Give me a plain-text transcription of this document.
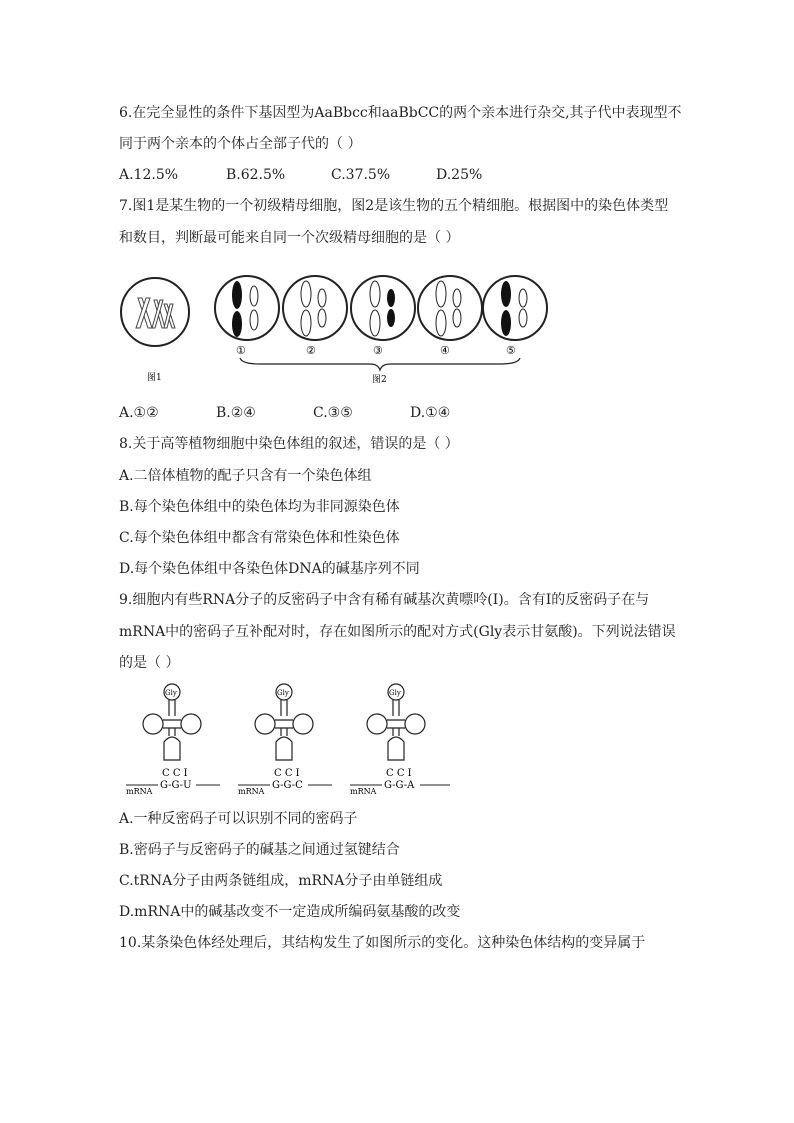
6.在完全显性的条件下基因型为AaBbcc和aaBbCC的两个亲本进行杂交,其子代中表现型不
同于两个亲本的个体占全部子代的（ ）
A.12.5%	B.62.5%	C.37.5%	D.25%
7.图1是某生物的一个初级精母细胞，图2是该生物的五个精细胞。根据图中的染色体类型
和数目，判断最可能来自同一个次级精母细胞的是（ ）
图1
①	②	③	④	⑤
图2
A.①②	B.②④	C.③⑤	D.①④
8.关于高等植物细胞中染色体组的叙述，错误的是（ ）
A.二倍体植物的配子只含有一个染色体组
B.每个染色体组中的染色体均为非同源染色体
C.每个染色体组中都含有常染色体和性染色体
D.每个染色体组中各染色体DNA的碱基序列不同
9.细胞内有些RNA分子的反密码子中含有稀有碱基次黄嘌呤(I)。含有I的反密码子在与
mRNA中的密码子互补配对时，存在如图所示的配对方式(Gly表示甘氨酸)。下列说法错误
的是（ ）
Gly
C C I
G-G-U
mRNA
Gly
C C I
G-G-C
mRNA
Gly
C C I
G-G-A
mRNA
A.一种反密码子可以识别不同的密码子
B.密码子与反密码子的碱基之间通过氢键结合
C.tRNA分子由两条链组成，mRNA分子由单链组成
D.mRNA中的碱基改变不一定造成所编码氨基酸的改变
10.某条染色体经处理后，其结构发生了如图所示的变化。这种染色体结构的变异属于
